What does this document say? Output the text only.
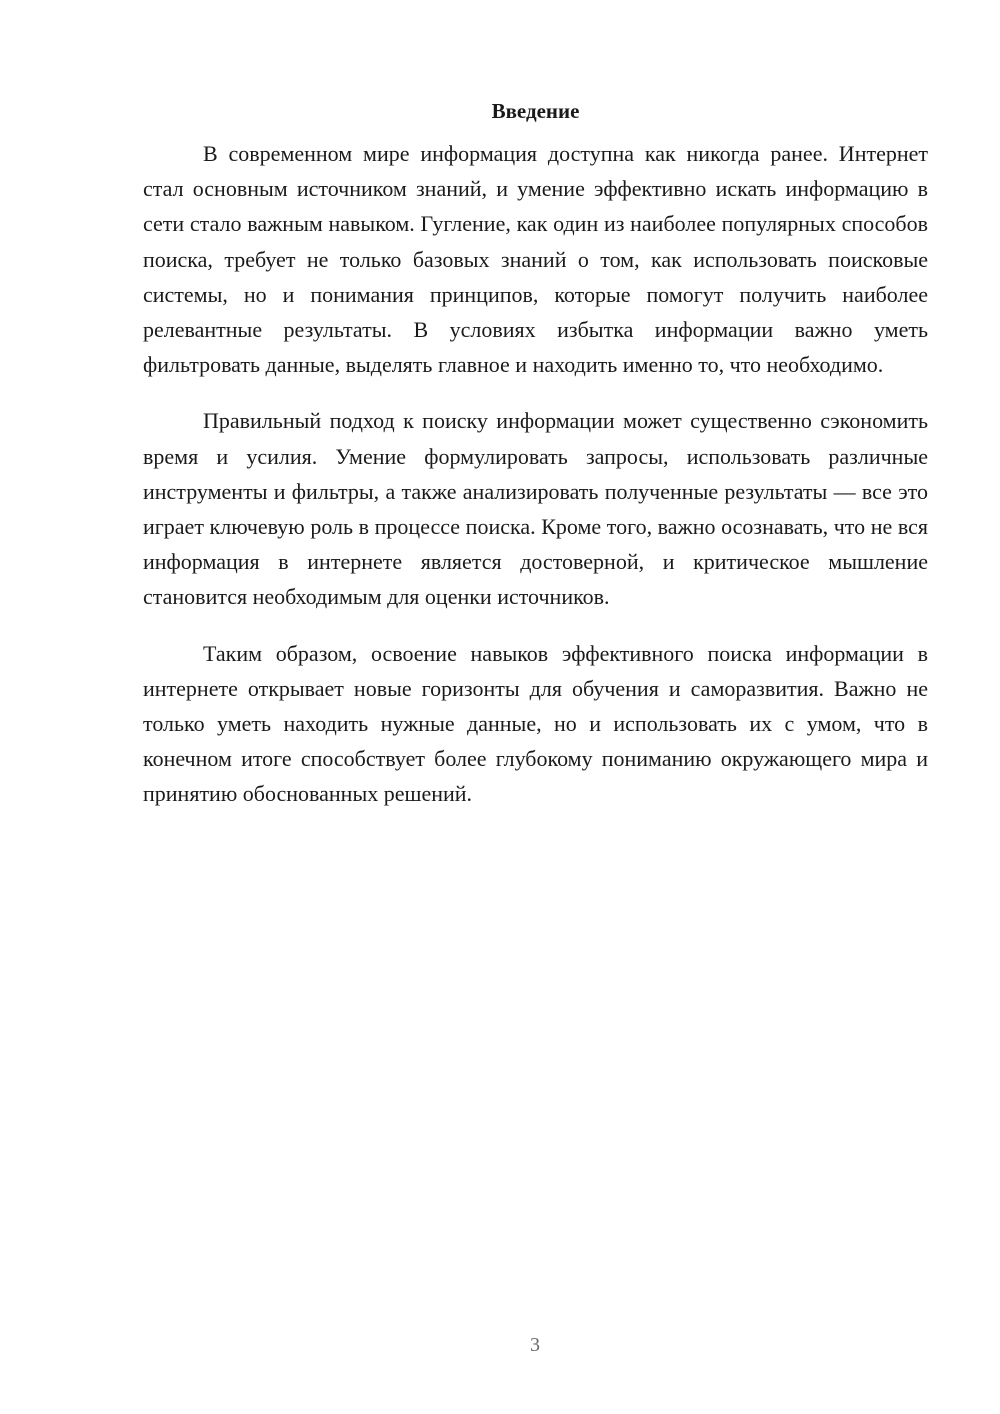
Введение

В современном мире информация доступна как никогда ранее. Интернет стал основным источником знаний, и умение эффективно искать информацию в сети стало важным навыком. Гугление, как один из наиболее популярных способов поиска, требует не только базовых знаний о том, как использовать поисковые системы, но и понимания принципов, которые помогут получить наиболее релевантные результаты. В условиях избытка информации важно уметь фильтровать данные, выделять главное и находить именно то, что необходимо.

Правильный подход к поиску информации может существенно сэкономить время и усилия. Умение формулировать запросы, использовать различные инструменты и фильтры, а также анализировать полученные результаты — все это играет ключевую роль в процессе поиска. Кроме того, важно осознавать, что не вся информация в интернете является достоверной, и критическое мышление становится необходимым для оценки источников.

Таким образом, освоение навыков эффективного поиска информации в интернете открывает новые горизонты для обучения и саморазвития. Важно не только уметь находить нужные данные, но и использовать их с умом, что в конечном итоге способствует более глубокому пониманию окружающего мира и принятию обоснованных решений.

3
